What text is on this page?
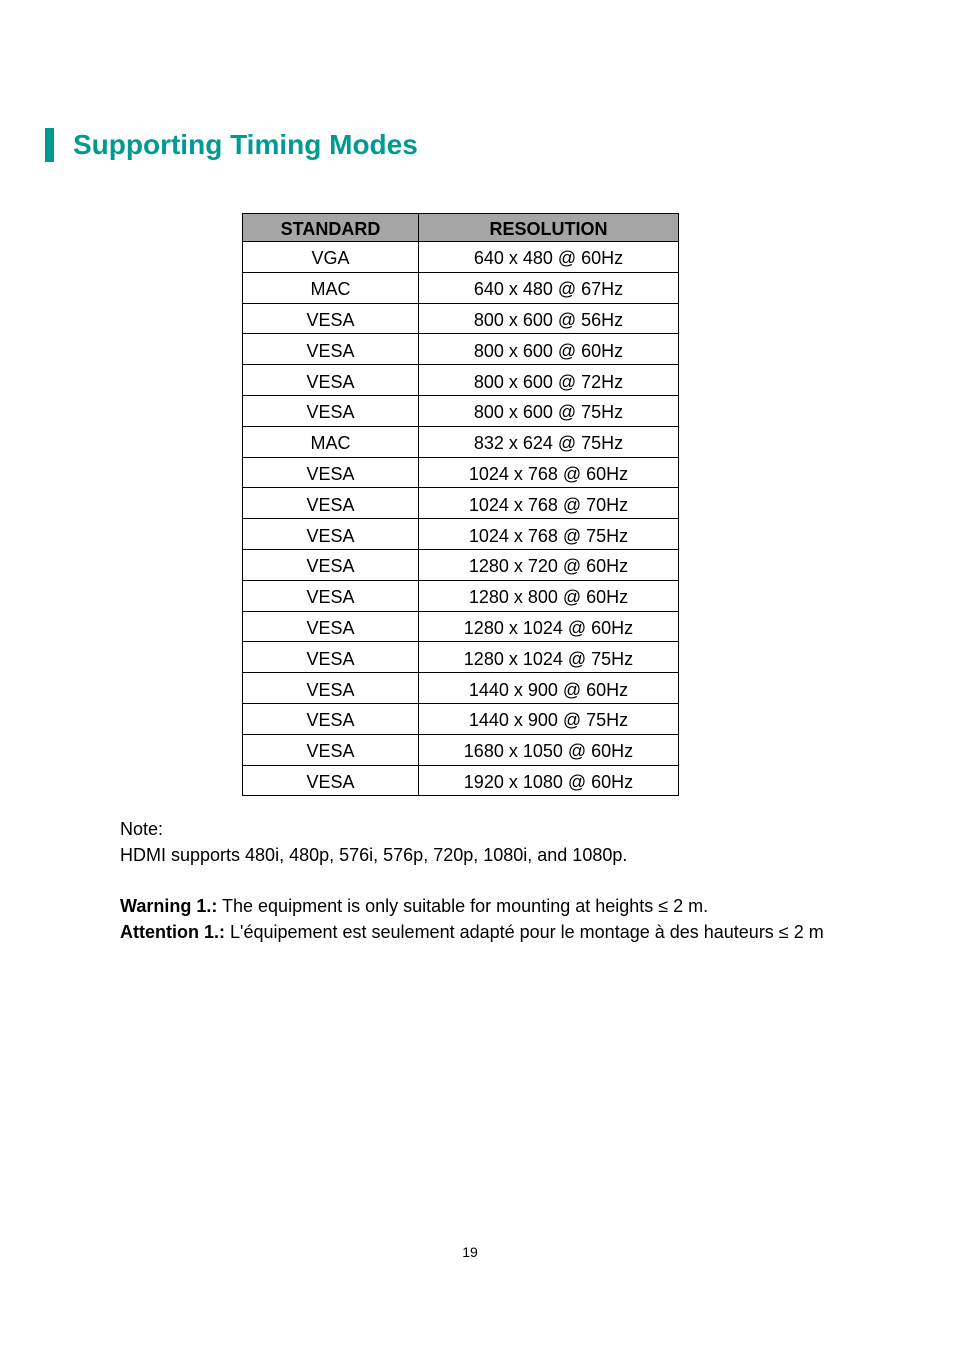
Supporting Timing Modes
STANDARD	RESOLUTION
VGA	640 x 480 @ 60Hz
MAC	640 x 480 @ 67Hz
VESA	800 x 600 @ 56Hz
VESA	800 x 600 @ 60Hz
VESA	800 x 600 @ 72Hz
VESA	800 x 600 @ 75Hz
MAC	832 x 624 @ 75Hz
VESA	1024 x 768 @ 60Hz
VESA	1024 x 768 @ 70Hz
VESA	1024 x 768 @ 75Hz
VESA	1280 x 720 @ 60Hz
VESA	1280 x 800 @ 60Hz
VESA	1280 x 1024 @ 60Hz
VESA	1280 x 1024 @ 75Hz
VESA	1440 x 900 @ 60Hz
VESA	1440 x 900 @ 75Hz
VESA	1680 x 1050 @ 60Hz
VESA	1920 x 1080 @ 60Hz

Note:

HDMI supports 480i, 480p, 576i, 576p, 720p, 1080i, and 1080p.

Warning 1.: The equipment is only suitable for mounting at heights ≤ 2 m.

Attention 1.: L'équipement est seulement adapté pour le montage à des hauteurs ≤ 2 m

19
